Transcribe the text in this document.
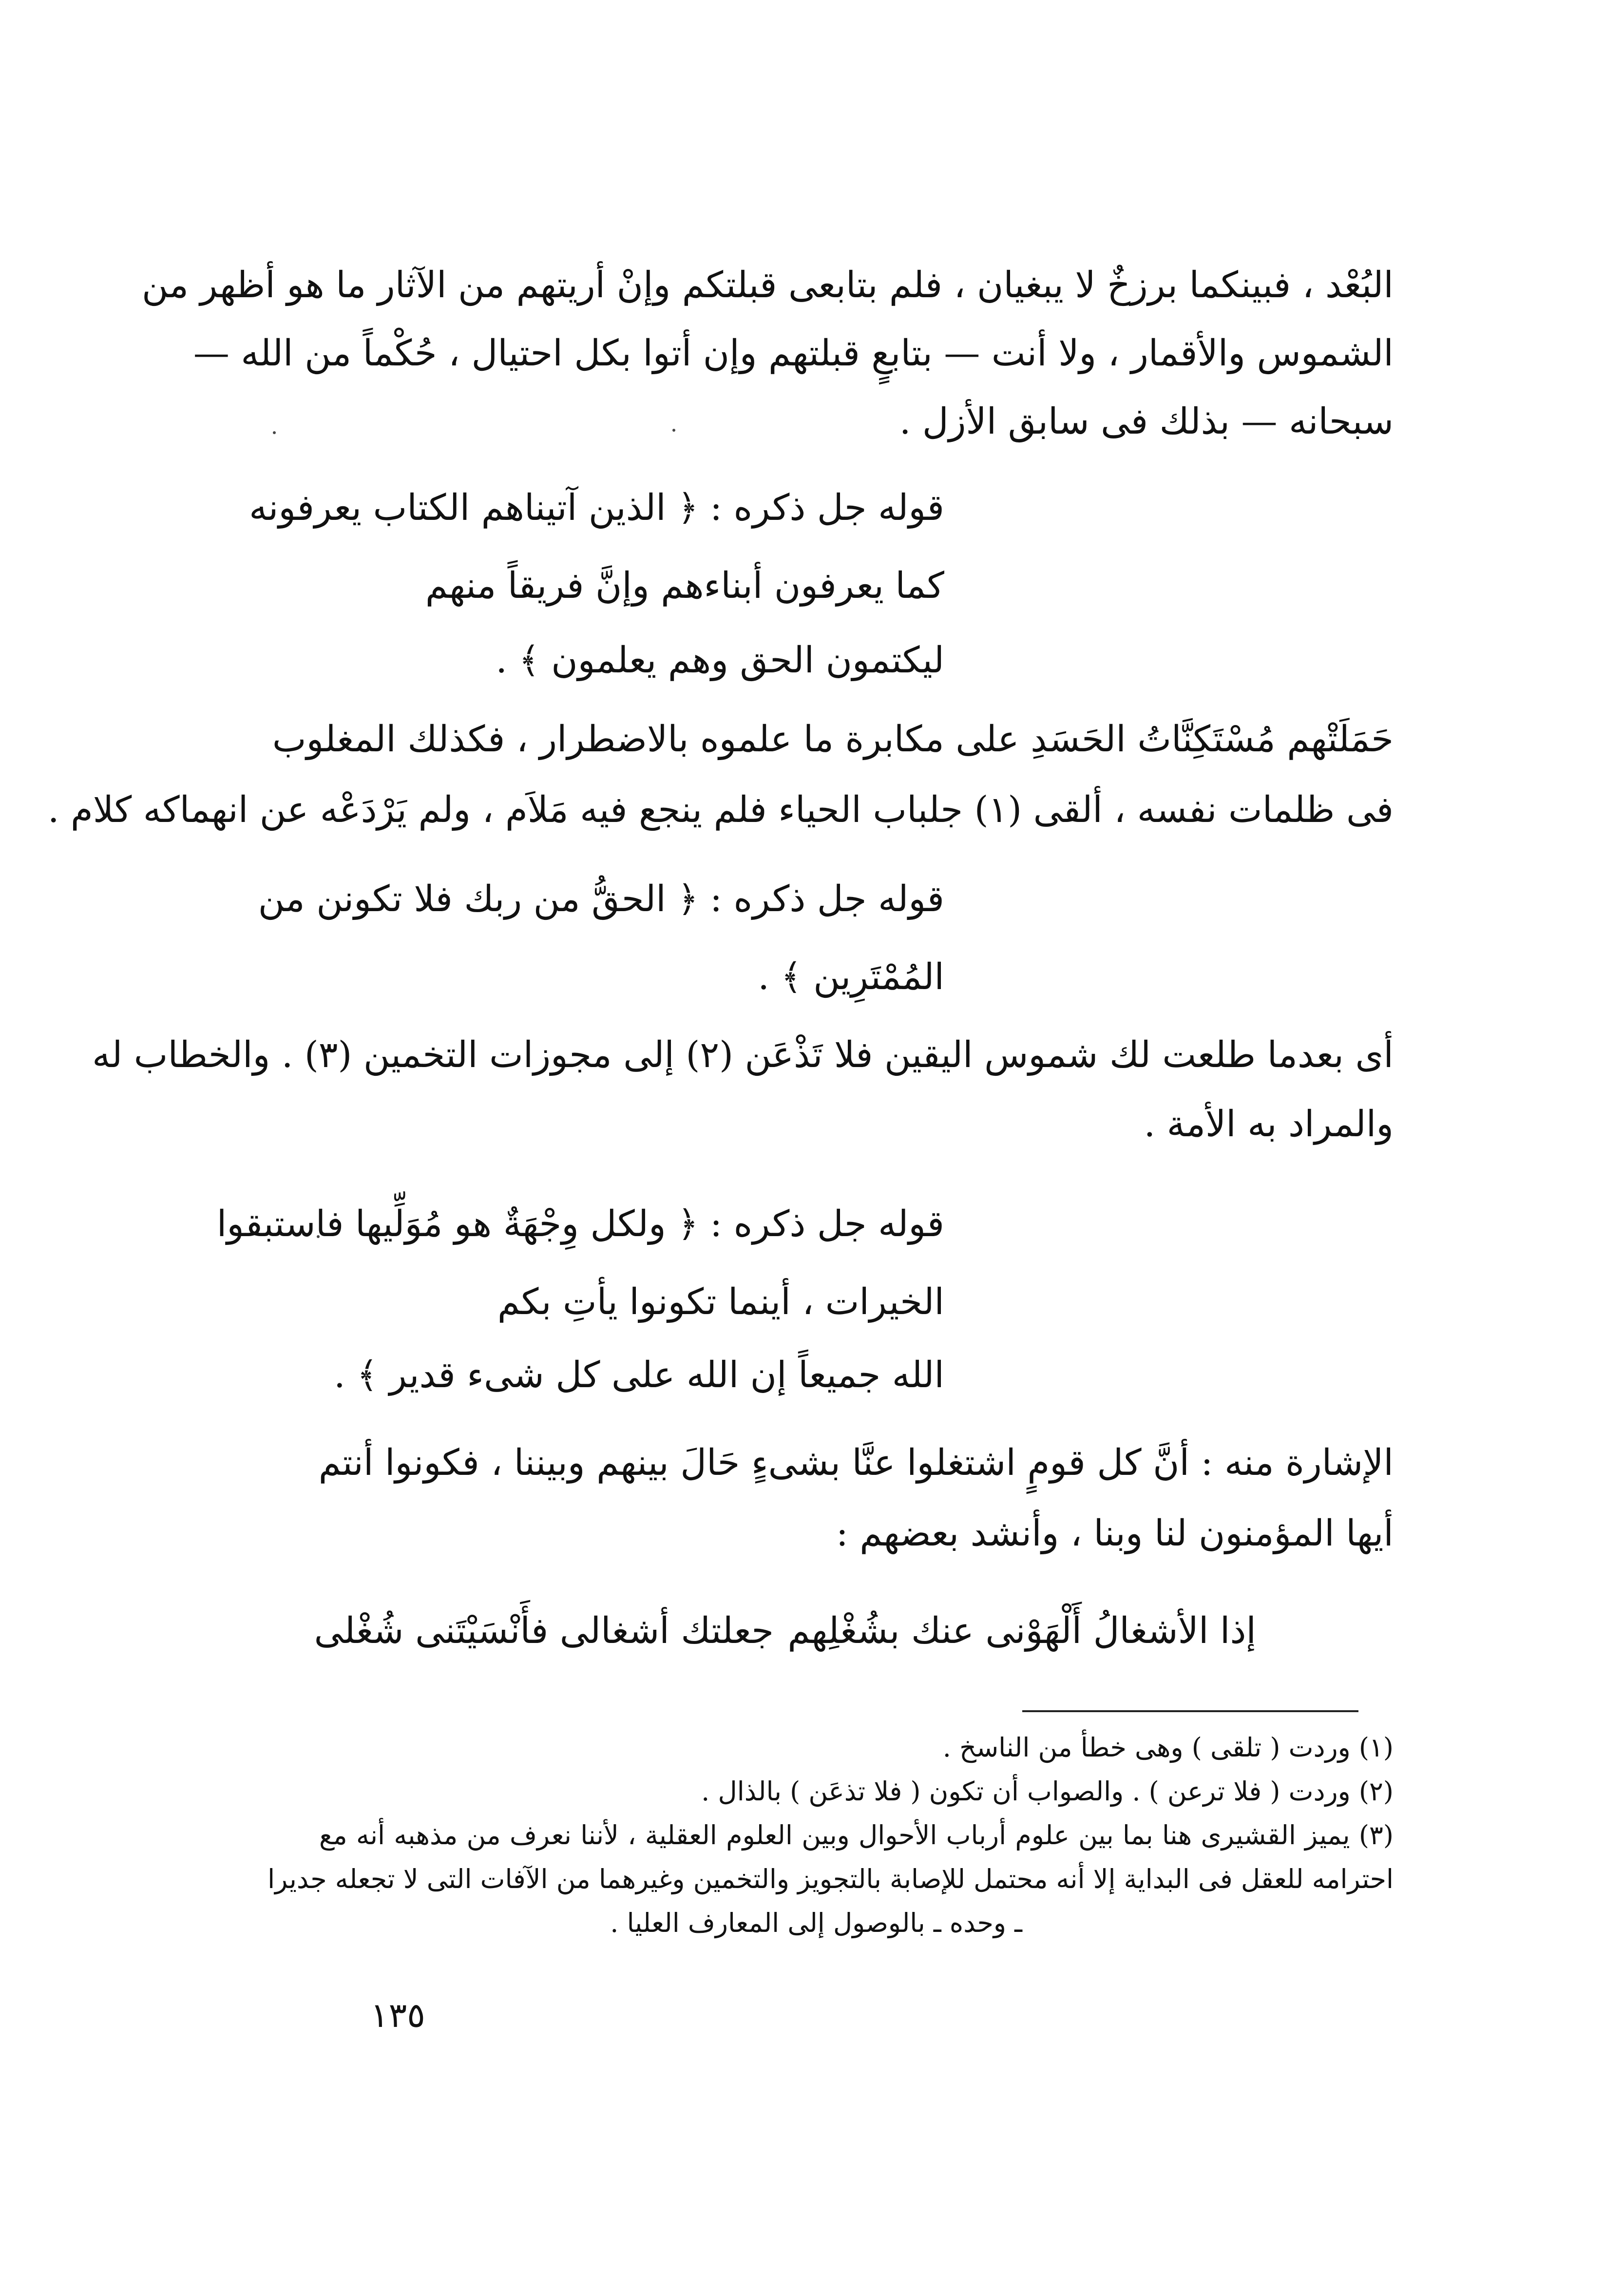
البُعْد ، فبينكما برزخٌ لا يبغيان ، فلم بتابعى قبلتكم وإنْ أريتهم من الآثار ما هو أظهر من
الشموس والأقمار ، ولا أنت — بتابعٍ قبلتهم وإن أتوا بكل احتيال ، حُكْماً من الله —
سبحانه — بذلك فى سابق الأزل .
قوله جل ذكره : ﴿ الذين آتيناهم الكتاب يعرفونه
كما يعرفون أبناءهم وإنَّ فريقاً منهم
ليكتمون الحق وهم يعلمون ﴾ .
حَمَلَتْهم مُسْتَكِنَّاتُ الحَسَدِ على مكابرة ما علموه بالاضطرار ، فكذلك المغلوب
فى ظلمات نفسه ، ألقى (١) جلباب الحياء فلم ينجع فيه مَلاَم ، ولم يَرْدَعْه عن انهماكه كلام .
قوله جل ذكره : ﴿ الحقُّ من ربك فلا تكونن من
المُمْتَرِين ﴾ .
أى بعدما طلعت لك شموس اليقين فلا تَذْعَن (٢) إلى مجوزات التخمين (٣) . والخطاب له
والمراد به الأمة .
قوله جل ذكره : ﴿ ولكل وِجْهَةٌ هو مُوَلِّيها فاستبقوا
الخيرات ، أينما تكونوا يأتِ بكم
الله جميعاً إن الله على كل شىء قدير ﴾ .
الإشارة منه : أنَّ كل قومٍ اشتغلوا عنَّا بشىءٍ حَالَ بينهم وبيننا ، فكونوا أنتم
أيها المؤمنون لنا وبنا ، وأنشد بعضهم :
إذا الأشغالُ أَلْهَوْنى عنك بشُغْلِهم
جعلتك أشغالى فأَنْسَيْتَنى شُغْلى
(١) وردت ( تلقى ) وهى خطأ من الناسخ .
(٢) وردت ( فلا ترعن ) . والصواب أن تكون ( فلا تذعَن ) بالذال .
(٣) يميز القشيرى هنا بما بين علوم أرباب الأحوال وبين العلوم العقلية ، لأننا نعرف من مذهبه أنه مع
احترامه للعقل فى البداية إلا أنه محتمل للإصابة بالتجويز والتخمين وغيرهما من الآفات التى لا تجعله جديرا
ـ وحده ـ بالوصول إلى المعارف العليا .
١٣٥
